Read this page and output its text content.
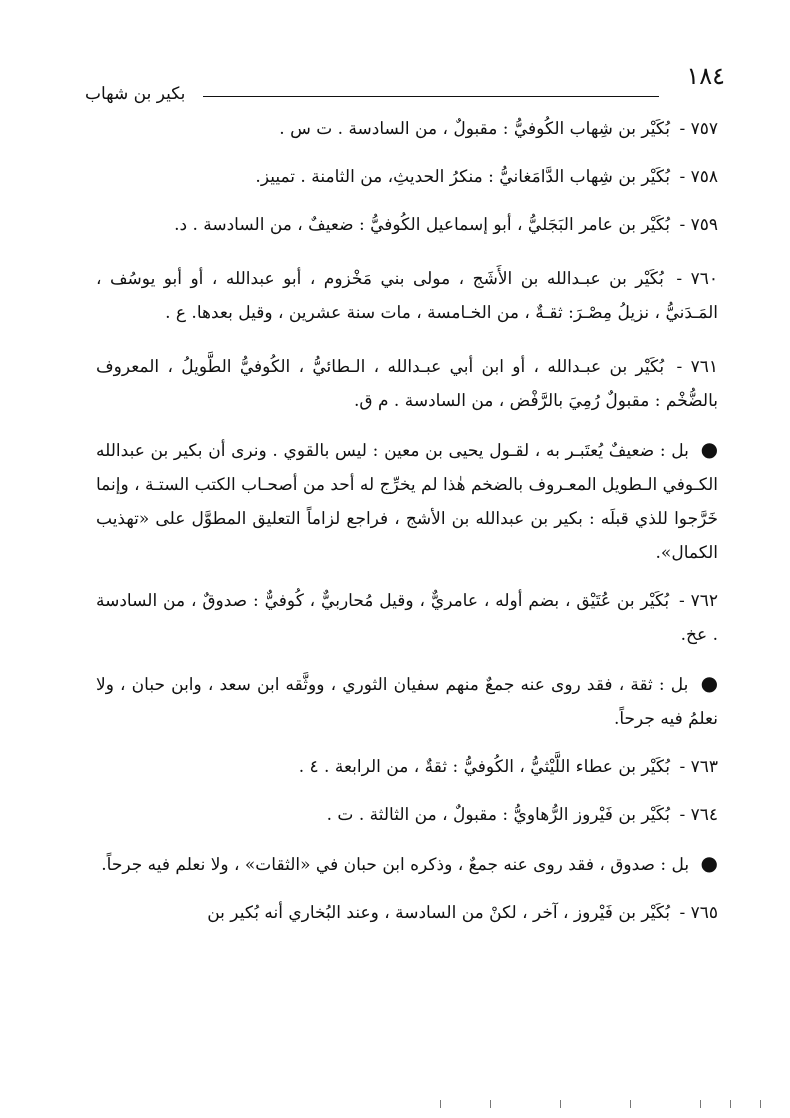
١٨٤
بكير بن شهاب
٧٥٧ - بُكَيْر بن شِهاب الكُوفيُّ : مقبولٌ ، من السادسة . ت س .
٧٥٨ - بُكَيْر بن شِهاب الدَّامَغانيُّ : منكرُ الحديثِ، من الثامنة . تمييز.
٧٥٩ - بُكَيْر بن عامر البَجَليُّ ، أبو إسماعيل الكُوفيُّ : ضعيفٌ ، من السادسة . د.
٧٦٠ - بُكَيْر بن عبـدالله بن الأَشَج ، مولى بني مَخْزوم ، أبو عبدالله ، أو أبو يوسُف ، المَـدَنيُّ ، نزيلُ مِصْـرَ: ثقـةٌ ، من الخـامسة ، مات سنة عشرين ، وقيل بعدها. ع .
٧٦١ - بُكَيْر بن عبـدالله ، أو ابن أبي عبـدالله ، الـطائيُّ ، الكُوفيُّ الطَّويلُ ، المعروف بالضُّخْم : مقبولٌ رُمِيَ بالرَّفْض ، من السادسة . م ق.
● بل : ضعيفٌ يُعتَبـر به ، لقـول يحيى بن معين : ليس بالقوي . ونرى أن بكير بن عبدالله الكـوفي الـطويل المعـروف بالضخم هٰذا لم يخرِّج له أحد من أصحـاب الكتب الستـة ، وإنما خَرَّجوا للذي قبلَه : بكير بن عبدالله بن الأشج ، فراجع لزاماً التعليق المطوَّل على «تهذيب الكمال».
٧٦٢ - بُكَيْر بن عُتَيْق ، بضم أوله ، عامريٌّ ، وقيل مُحاربيٌّ ، كُوفيٌّ : صدوقٌ ، من السادسة . عخ.
● بل : ثقة ، فقد روى عنه جمعٌ منهم سفيان الثوري ، ووثَّقه ابن سعد ، وابن حبان ، ولا نعلمُ فيه جرحاً.
٧٦٣ - بُكَيْر بن عطاء اللَّيْثيُّ ، الكُوفيُّ : ثقةٌ ، من الرابعة . ٤ .
٧٦٤ - بُكَيْر بن فَيْروز الرُّهاويُّ : مقبولٌ ، من الثالثة . ت .
● بل : صدوق ، فقد روى عنه جمعٌ ، وذكره ابن حبان في «الثقات» ، ولا نعلم فيه جرحاً.
٧٦٥ - بُكَيْر بن فَيْروز ، آخر ، لكنْ من السادسة ، وعند البُخاري أنه بُكير بن
